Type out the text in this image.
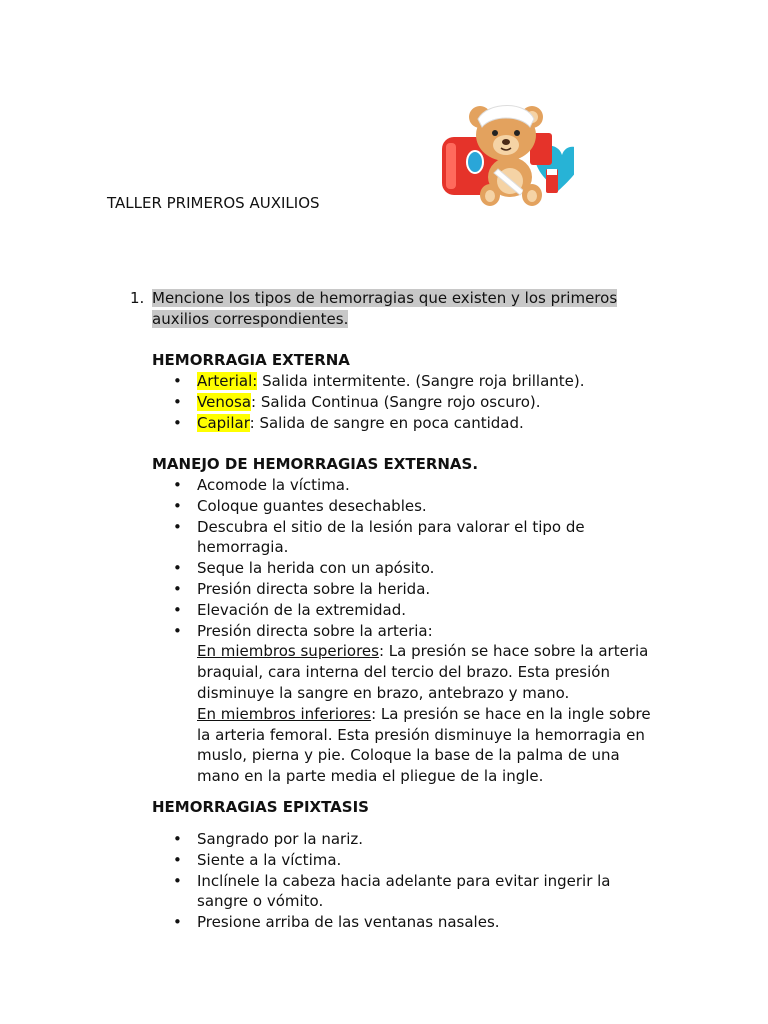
TALLER PRIMEROS AUXILIOS
1. Mencione los tipos de hemorragias que existen y los primeros
auxilios correspondientes.
HEMORRAGIA EXTERNA
• Arterial: Salida intermitente. (Sangre roja brillante).
• Venosa: Salida Continua (Sangre rojo oscuro).
• Capilar: Salida de sangre en poca cantidad.
MANEJO DE HEMORRAGIAS EXTERNAS.
• Acomode la víctima.
• Coloque guantes desechables.
• Descubra el sitio de la lesión para valorar el tipo de hemorragia.
• Seque la herida con un apósito.
• Presión directa sobre la herida.
• Elevación de la extremidad.
• Presión directa sobre la arteria:
En miembros superiores: La presión se hace sobre la arteria braquial, cara interna del tercio del brazo. Esta presión disminuye la sangre en brazo, antebrazo y mano.
En miembros inferiores: La presión se hace en la ingle sobre la arteria femoral. Esta presión disminuye la hemorragia en muslo, pierna y pie. Coloque la base de la palma de una mano en la parte media el pliegue de la ingle.
HEMORRAGIAS EPIXTASIS
• Sangrado por la nariz.
• Siente a la víctima.
• Inclínele la cabeza hacia adelante para evitar ingerir la sangre o vómito.
• Presione arriba de las ventanas nasales.
